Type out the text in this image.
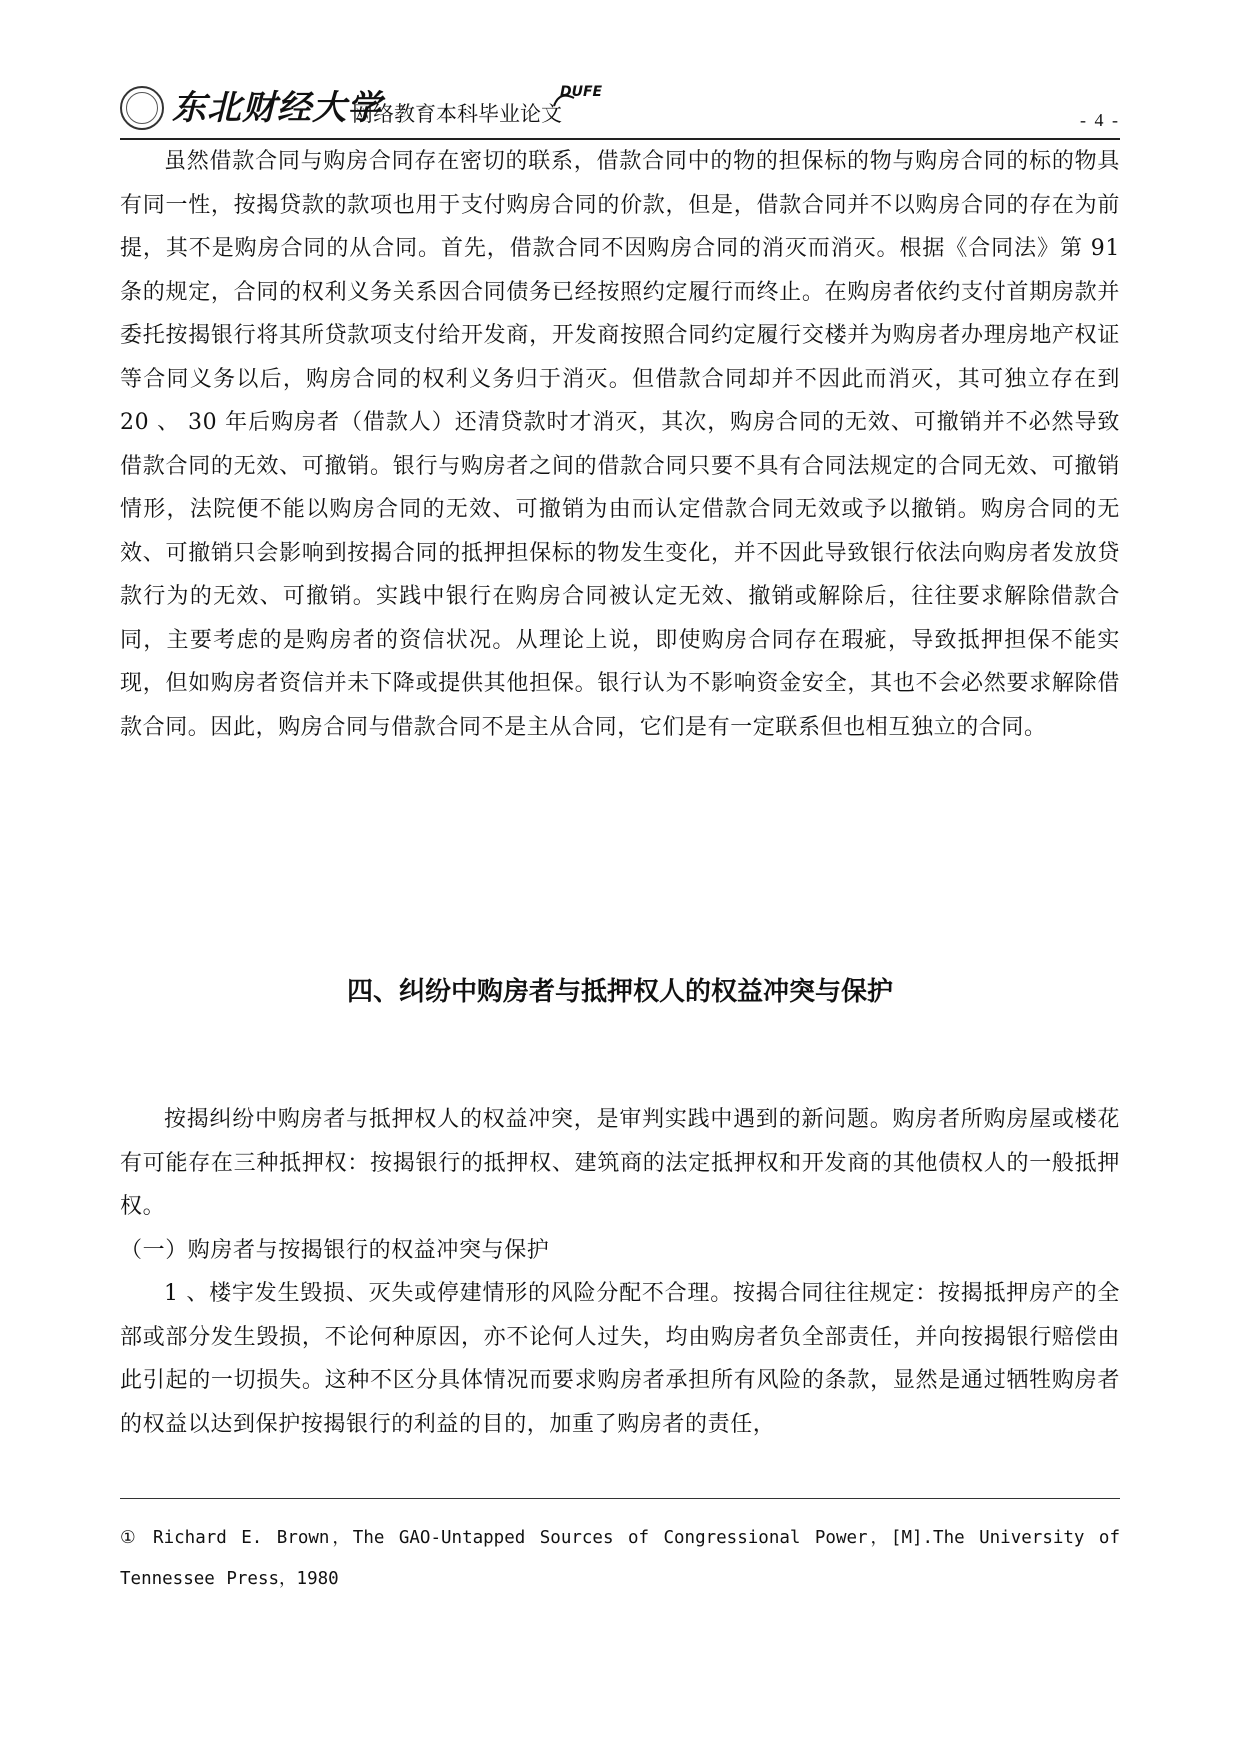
东北财经大学
网络教育本科毕业论文
DUFE
- 4 -

虽然借款合同与购房合同存在密切的联系，借款合同中的物的担保标的物与购房合同的标的物具有同一性，按揭贷款的款项也用于支付购房合同的价款，但是，借款合同并不以购房合同的存在为前提，其不是购房合同的从合同。首先，借款合同不因购房合同的消灭而消灭。根据《合同法》第 91 条的规定，合同的权利义务关系因合同债务已经按照约定履行而终止。在购房者依约支付首期房款并委托按揭银行将其所贷款项支付给开发商，开发商按照合同约定履行交楼并为购房者办理房地产权证等合同义务以后，购房合同的权利义务归于消灭。但借款合同却并不因此而消灭，其可独立存在到 20 、 30 年后购房者（借款人）还清贷款时才消灭，其次，购房合同的无效、可撤销并不必然导致借款合同的无效、可撤销。银行与购房者之间的借款合同只要不具有合同法规定的合同无效、可撤销情形，法院便不能以购房合同的无效、可撤销为由而认定借款合同无效或予以撤销。购房合同的无效、可撤销只会影响到按揭合同的抵押担保标的物发生变化，并不因此导致银行依法向购房者发放贷款行为的无效、可撤销。实践中银行在购房合同被认定无效、撤销或解除后，往往要求解除借款合同，主要考虑的是购房者的资信状况。从理论上说，即使购房合同存在瑕疵，导致抵押担保不能实现，但如购房者资信并未下降或提供其他担保。银行认为不影响资金安全，其也不会必然要求解除借款合同。因此，购房合同与借款合同不是主从合同，它们是有一定联系但也相互独立的合同。

四、纠纷中购房者与抵押权人的权益冲突与保护

按揭纠纷中购房者与抵押权人的权益冲突，是审判实践中遇到的新问题。购房者所购房屋或楼花有可能存在三种抵押权：按揭银行的抵押权、建筑商的法定抵押权和开发商的其他债权人的一般抵押权。

（一）购房者与按揭银行的权益冲突与保护

1 、楼宇发生毁损、灭失或停建情形的风险分配不合理。按揭合同往往规定：按揭抵押房产的全部或部分发生毁损，不论何种原因，亦不论何人过失，均由购房者负全部责任，并向按揭银行赔偿由此引起的一切损失。这种不区分具体情况而要求购房者承担所有风险的条款，显然是通过牺牲购房者的权益以达到保护按揭银行的利益的目的，加重了购房者的责任，

① Richard E. Brown，The GAO-Untapped Sources of Congressional Power，[M].The University of Tennessee Press，1980
